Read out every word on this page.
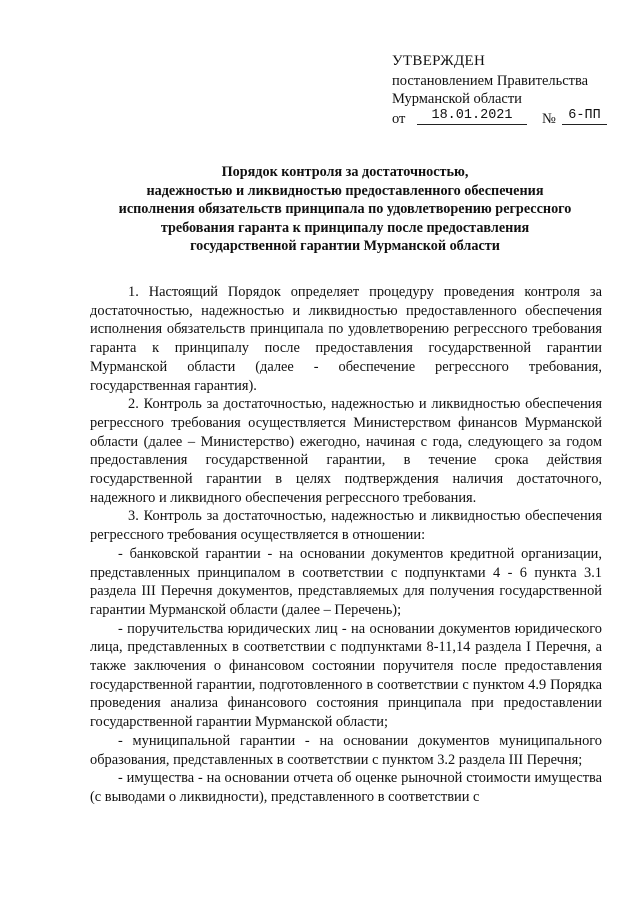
УТВЕРЖДЕН
постановлением Правительства
Мурманской области
от	18.01.2021	№ 6-ПП
Порядок контроля за достаточностью,
надежностью и ликвидностью предоставленного обеспечения
исполнения обязательств принципала по удовлетворению регрессного
требования гаранта к принципалу после предоставления
государственной гарантии Мурманской области

1. Настоящий Порядок определяет процедуру проведения контроля за достаточностью, надежностью и ликвидностью предоставленного обеспечения исполнения обязательств принципала по удовлетворению регрессного требования гаранта к принципалу после предоставления государственной гарантии Мурманской области (далее - обеспечение регрессного требования, государственная гарантия).

2. Контроль за достаточностью, надежностью и ликвидностью обеспечения регрессного требования осуществляется Министерством финансов Мурманской области (далее – Министерство) ежегодно, начиная с года, следующего за годом предоставления государственной гарантии, в течение срока действия государственной гарантии в целях подтверждения наличия достаточного, надежного и ликвидного обеспечения регрессного требования.

3. Контроль за достаточностью, надежностью и ликвидностью обеспечения регрессного требования осуществляется в отношении:

- банковской гарантии - на основании документов кредитной организации, представленных принципалом в соответствии с подпунктами 4 - 6 пункта 3.1 раздела III Перечня документов, представляемых для получения государственной гарантии Мурманской области (далее – Перечень);

- поручительства юридических лиц - на основании документов юридического лица, представленных в соответствии с подпунктами 8-11,14 раздела I Перечня, а также заключения о финансовом состоянии поручителя после предоставления государственной гарантии, подготовленного в соответствии с пунктом 4.9 Порядка проведения анализа финансового состояния принципала при предоставлении государственной гарантии Мурманской области;

- муниципальной гарантии - на основании документов муниципального образования, представленных в соответствии с пунктом 3.2 раздела III Перечня;

- имущества - на основании отчета об оценке рыночной стоимости имущества (с выводами о ликвидности), представленного в соответствии с
